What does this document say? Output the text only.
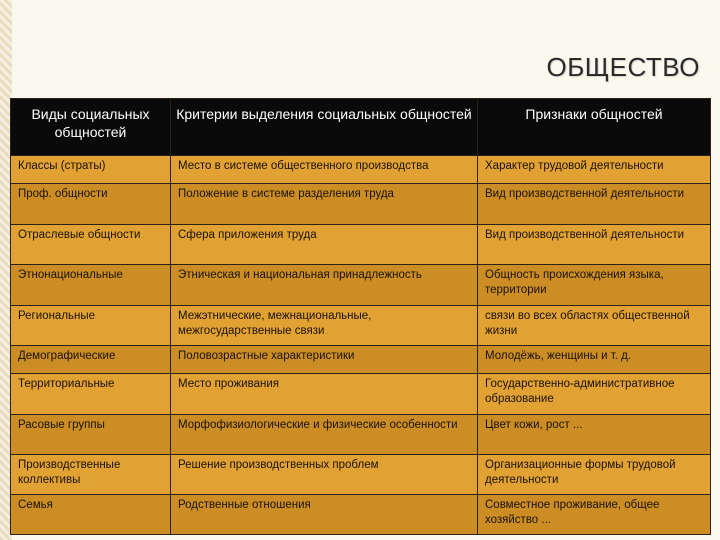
ОБЩЕСТВО
Виды социальных общностей	Критерии выделения социальных общностей	Признаки общностей
Классы (страты)	Место в системе общественного производства	Характер трудовой деятельности
Проф. общности	Положение в системе разделения труда	Вид производственной деятельности
Отраслевые общности	Сфера приложения труда	Вид производственной деятельности
Этнонациональные	Этническая и национальная принадлежность	Общность происхождения языка, территории
Региональные	Межэтнические, межнациональные, межгосударственные связи	связи во всех областях общественной жизни
Демографические	Половозрастные характеристики	Молодёжь, женщины и т. д.
Территориальные	Место проживания	Государственно-административное образование
Расовые группы	Морфофизиологические и физические особенности	Цвет кожи, рост ...
Производственные коллективы	Решение производственных проблем	Организационные формы трудовой деятельности
Семья	Родственные отношения	Совместное проживание, общее хозяйство ...
